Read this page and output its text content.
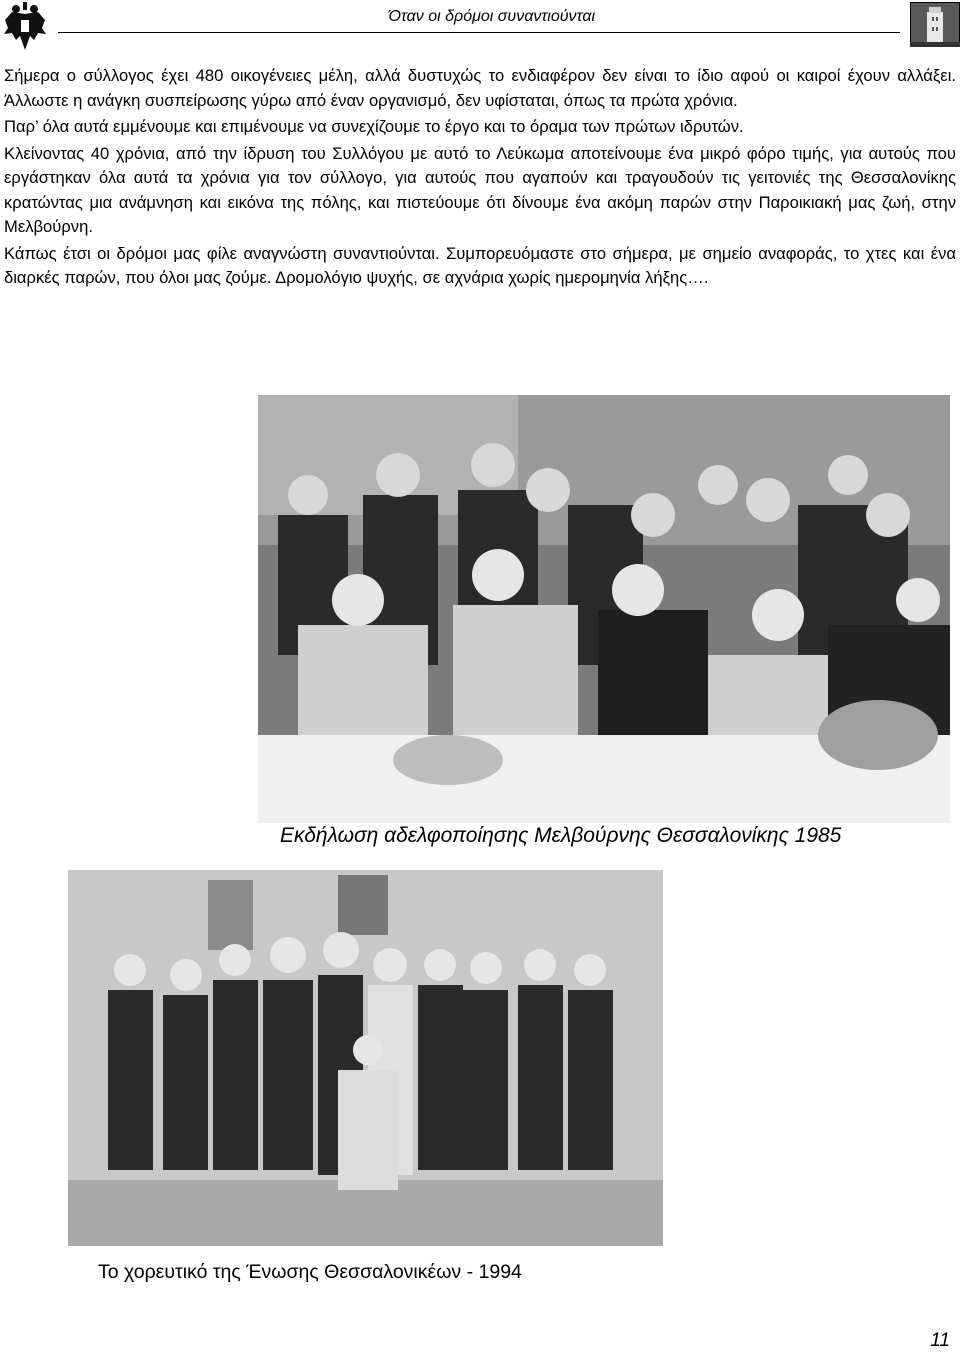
Όταν οι δρόμοι συναντιούνται

Σήμερα ο σύλλογος έχει 480 οικογένειες μέλη, αλλά δυστυχώς το ενδιαφέρον δεν είναι το ίδιο αφού οι καιροί έχουν αλλάξει. Άλλωστε η ανάγκη συσπείρωσης γύρω από έναν οργανισμό, δεν υφίσταται, όπως τα πρώτα χρόνια.

Παρ’ όλα αυτά εμμένουμε και επιμένουμε να συνεχίζουμε το έργο και το όραμα των πρώτων ιδρυτών.

Κλείνοντας 40 χρόνια, από την ίδρυση του Συλλόγου με αυτό το Λεύκωμα αποτείνουμε ένα μικρό φόρο τιμής, για αυτούς που εργάστηκαν όλα αυτά τα χρόνια για τον σύλλογο, για αυτούς που αγαπούν και τραγουδούν τις γειτονιές της Θεσσαλονίκης κρατώντας μια ανάμνηση και εικόνα της πόλης, και πιστεύουμε ότι δίνουμε ένα ακόμη παρών στην Παροικιακή μας ζωή, στην Μελβούρνη.

Κάπως έτσι οι δρόμοι μας φίλε αναγνώστη συναντιούνται. Συμπορευόμαστε στο σήμερα, με σημείο αναφοράς, το χτες και ένα διαρκές παρών, που όλοι μας ζούμε. Δρομολόγιο ψυχής, σε αχνάρια χωρίς ημερομηνία λήξης….

Εκδήλωση αδελφοποίησης Μελβούρνης Θεσσαλονίκης 1985
Το χορευτικό της Ένωσης Θεσσαλονικέων - 1994
11
